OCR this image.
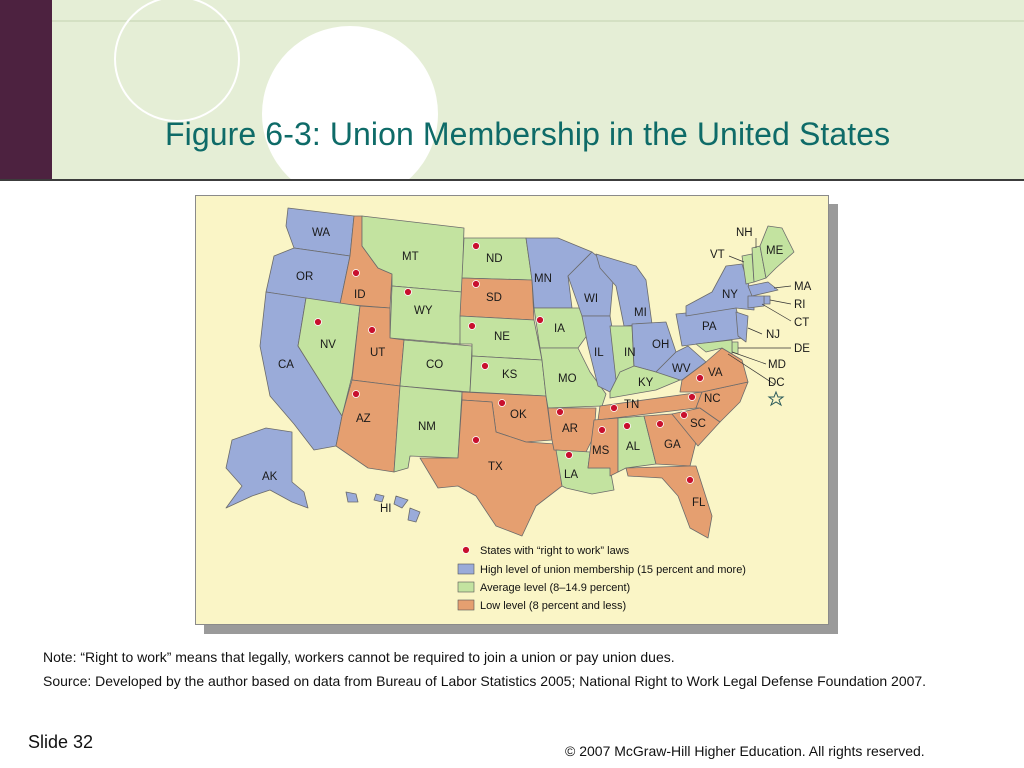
Figure 6-3: Union Membership in the United States
WA
OR
CA
ID
NV
MT
WY
UT
AZ
CO
NM
ND
SD
NE
KS
OK
TX
MN
IA
MO
AR
LA
WI
IL
MI
IN
OH
KY
TN
MS AL GA
FL
SC
NC
VA
WV
PA
NY
ME
AK
HI
NH
VT
MA
RI
CT
NJ
DE
MD
DC
States with “right to work” laws
High level of union membership (15 percent and more)
Average level (8–14.9 percent)
Low level (8 percent and less)
Note: “Right to work” means that legally, workers cannot be required to join a union or pay union dues.
Source: Developed by the author based on data from Bureau of Labor Statistics 2005; National Right to Work Legal Defense Foundation 2007.
Slide 32	© 2007 McGraw-Hill Higher Education. All rights reserved.
